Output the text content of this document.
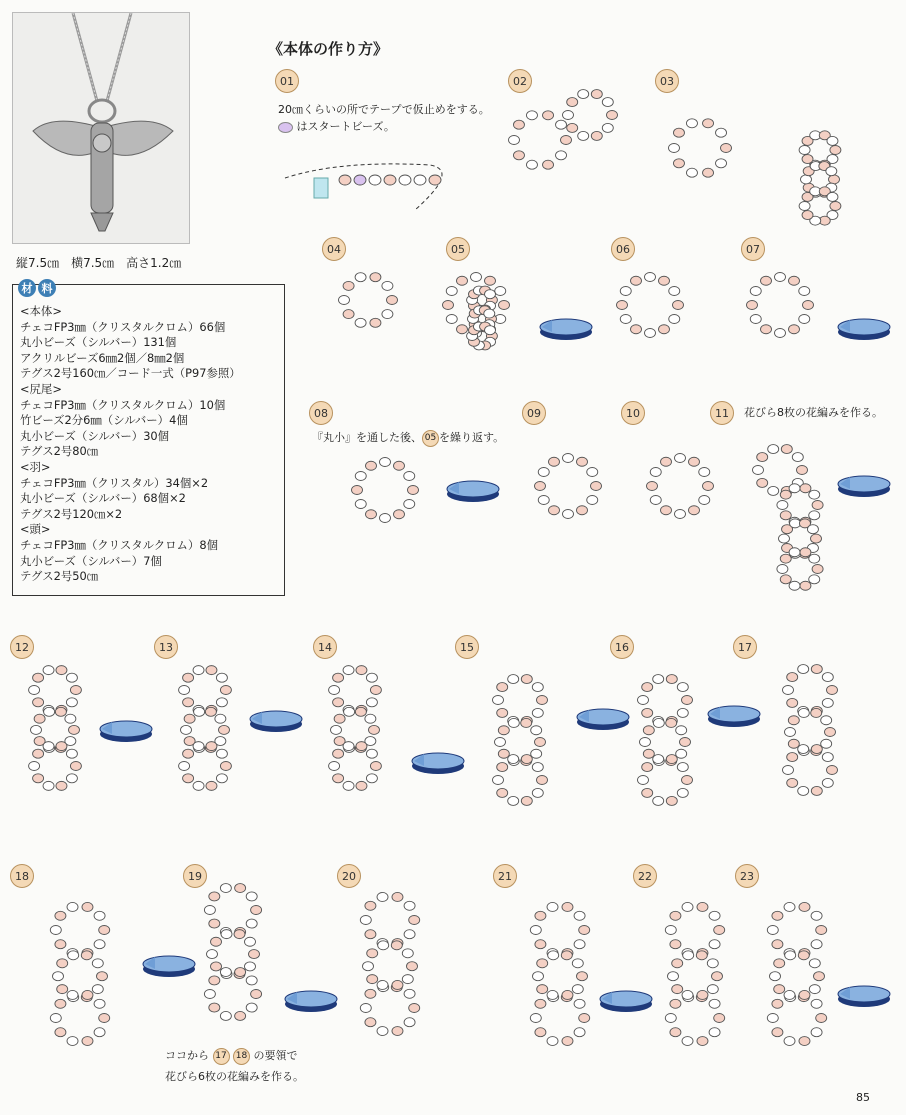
縦7.5㎝　横7.5㎝　高さ1.2㎝
材 料
<本体>
チェコFP3㎜（クリスタルクロム）66個
丸小ビーズ（シルバー）131個
アクリルビーズ6㎜2個／8㎜2個
テグス2号160㎝／コード一式（P97参照）
<尻尾>
チェコFP3㎜（クリスタルクロム）10個
竹ビーズ2分6㎜（シルバー）4個
丸小ビーズ（シルバー）30個
テグス2号80㎝
<羽>
チェコFP3㎜（クリスタル）34個×2
丸小ビーズ（シルバー）68個×2
テグス2号120㎝×2
<頭>
チェコFP3㎜（クリスタルクロム）8個
丸小ビーズ（シルバー）7個
テグス2号50㎝
《本体の作り方》
01	02	03
04	05	06	07
08	09	10	11
12	13	14	15	16	17
18	19	20	21	22	23
20㎝くらいの所でテープで仮止めをする。
はスタートビーズ。
『丸小』を通した後、 05 を繰り返す。
花びら8枚の花編みを作る。
ココから 17 18 の要領で
花びら6枚の花編みを作る。
85
